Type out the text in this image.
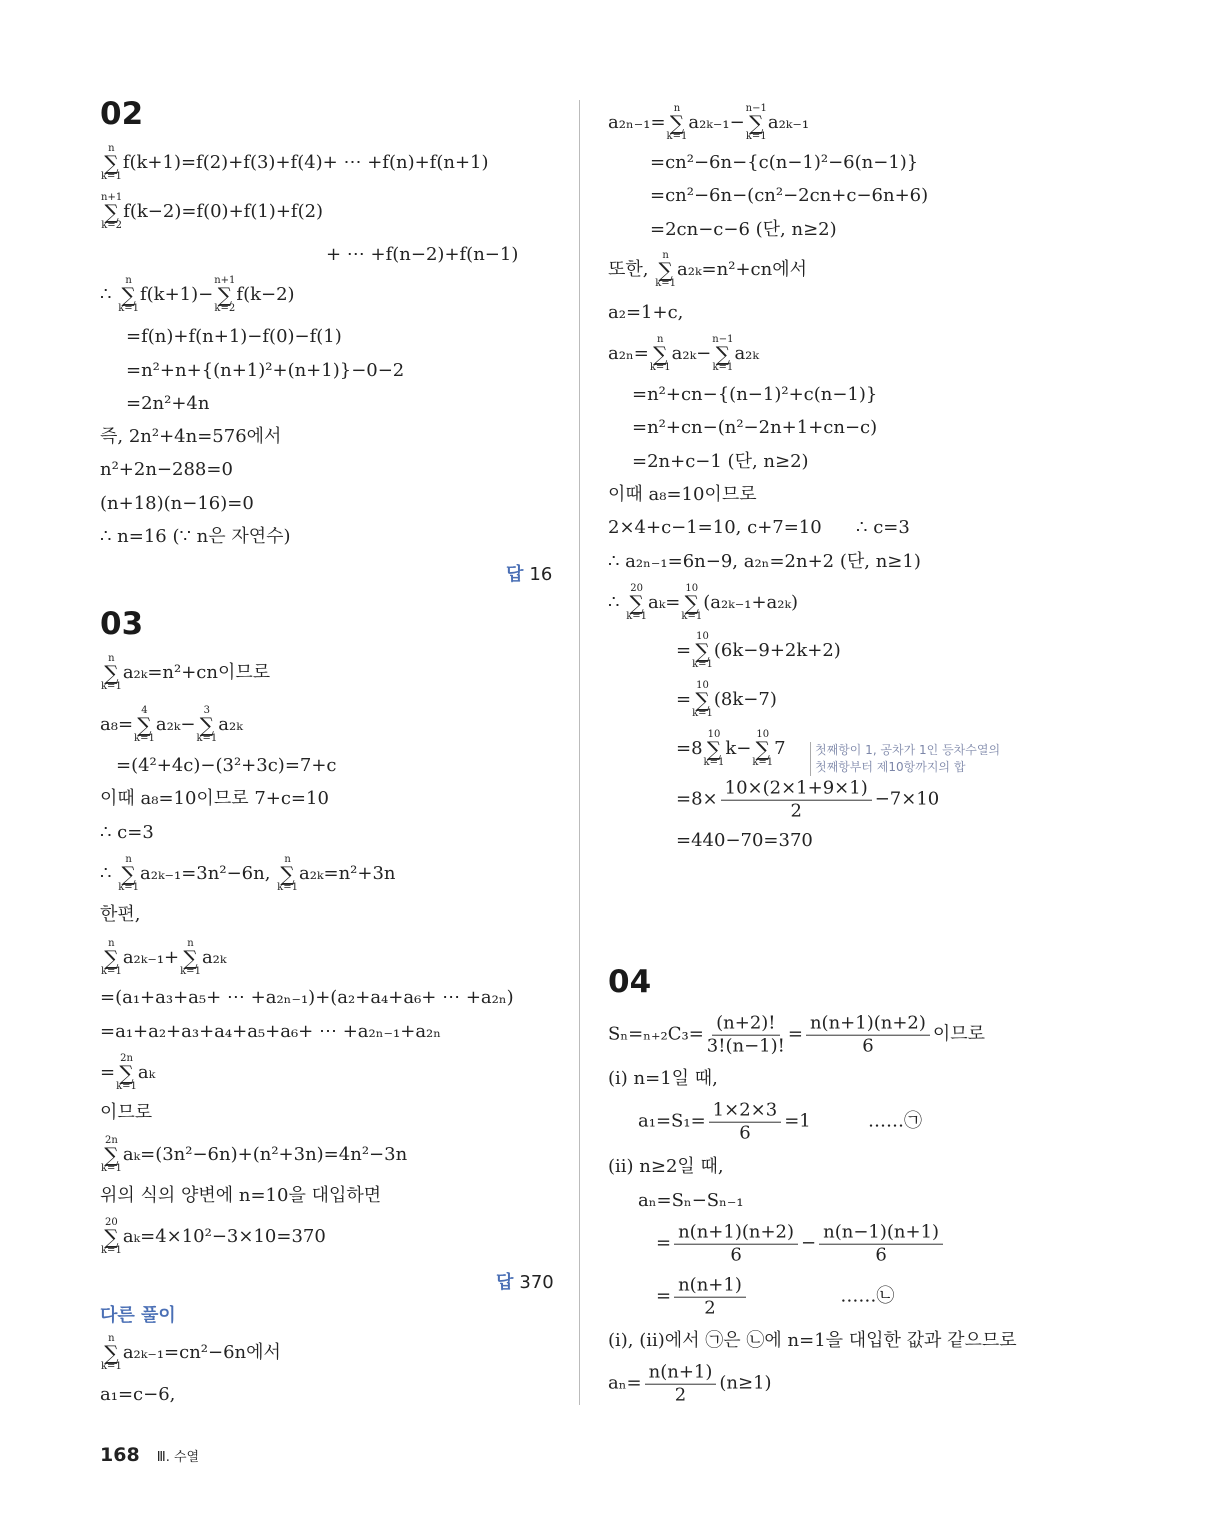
02
03
04
답 16
답 370
다른 풀이
첫째항이 1, 공차가 1인 등차수열의
첫째항부터 제10항까지의 합
168 Ⅲ. 수열
n
∑
k=1
f(k+1)=f(2)+f(3)+f(4)+ ⋯ +f(n)+f(n+1)
n+1
∑
k=2
f(k−2)=f(0)+f(1)+f(2)
+ ⋯ +f(n−2)+f(n−1)
∴
n
∑
k=1
f(k+1)−
n+1
∑
k=2
f(k−2)
=f(n)+f(n+1)−f(0)−f(1)
=n²+n+{(n+1)²+(n+1)}−0−2
=2n²+4n
즉, 2n²+4n=576에서
n²+2n−288=0
(n+18)(n−16)=0
∴ n=16 (∵ n은 자연수)
n
∑
k=1
a₂ₖ=n²+cn이므로
a₈=
4
∑
k=1
a₂ₖ−
3
∑
k=1
a₂ₖ
=(4²+4c)−(3²+3c)=7+c
이때 a₈=10이므로 7+c=10
∴ c=3
∴
n
∑
k=1
a₂ₖ₋₁=3n²−6n,
n
∑
k=1
a₂ₖ=n²+3n
한편,
n
∑
k=1
a₂ₖ₋₁+
n
∑
k=1
a₂ₖ
=(a₁+a₃+a₅+ ⋯ +a₂ₙ₋₁)+(a₂+a₄+a₆+ ⋯ +a₂ₙ)
=a₁+a₂+a₃+a₄+a₅+a₆+ ⋯ +a₂ₙ₋₁+a₂ₙ
=
2n
∑
k=1
aₖ
이므로
2n
∑
k=1
aₖ=(3n²−6n)+(n²+3n)=4n²−3n
위의 식의 양변에 n=10을 대입하면
20
∑
k=1
aₖ=4×10²−3×10=370
n
∑
k=1
a₂ₖ₋₁=cn²−6n에서
a₁=c−6,
a₂ₙ₋₁=
n
∑
k=1
a₂ₖ₋₁−
n−1
∑
k=1
a₂ₖ₋₁
=cn²−6n−{c(n−1)²−6(n−1)}
=cn²−6n−(cn²−2cn+c−6n+6)
=2cn−c−6 (단, n≥2)
또한,
n
∑
k=1
a₂ₖ=n²+cn에서
a₂=1+c,
a₂ₙ=
n
∑
k=1
a₂ₖ−
n−1
∑
k=1
a₂ₖ
=n²+cn−{(n−1)²+c(n−1)}
=n²+cn−(n²−2n+1+cn−c)
=2n+c−1 (단, n≥2)
이때 a₈=10이므로
2×4+c−1=10, c+7=10      ∴ c=3
∴ a₂ₙ₋₁=6n−9, a₂ₙ=2n+2 (단, n≥1)
∴
20
∑
k=1
aₖ=
10
∑
k=1
(a₂ₖ₋₁+a₂ₖ)
=
10
∑
k=1
(6k−9+2k+2)
=
10
∑
k=1
(8k−7)
=8
10
∑
k=1
k−
10
∑
k=1
7
$=8\times \frac{10\times(2\times 1+9\times 1)}{2} -7\times 10$
=440−70=370
$S_n=_{n+2}C_3= \frac{(n+2)!}{3!(n-1)!} = \frac{n(n+1)(n+2)}{6}$ 이므로
(ⅰ) n=1일 때,
$a_1=S_1= \frac{1\times 2\times 3}{6} =1$          ……㉠
(ⅱ) n≥2일 때,
aₙ=Sₙ−Sₙ₋₁
= $\frac{n(n+1)(n+2)}{6} - \frac{n(n-1)(n+1)}{6}$
= $\frac{n(n+1)}{2}$ ……㉡
(ⅰ), (ⅱ)에서 ㉠은 ㉡에 n=1을 대입한 값과 같으므로
$a_n= \frac{n(n+1)}{2} (n\ge 1)$
